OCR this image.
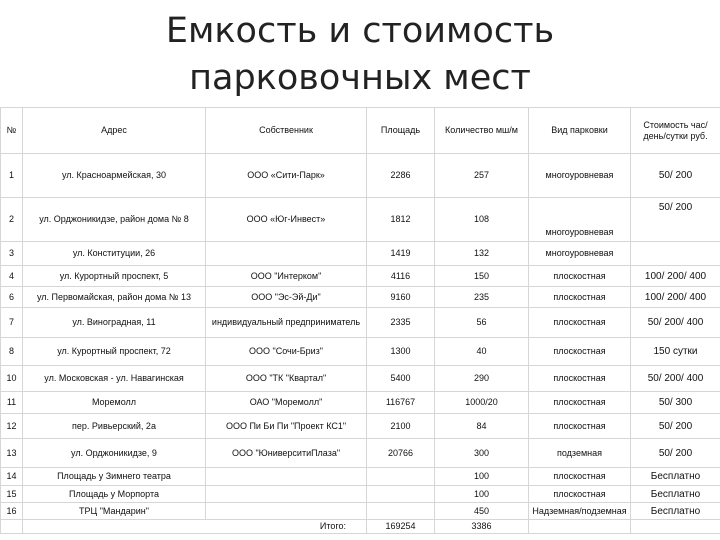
Емкость и стоимость
парковочных мест
№	Адрес	Собственник	Площадь	Количество мш/м	Вид парковки	Стоимость час/день/сутки руб.
1	ул. Красноармейская, 30	ООО «Сити-Парк»	2286	257	многоуровневая	50/ 200
2	ул. Орджоникидзе, район дома № 8	ООО «Юг-Инвест»	1812	108	многоуровневая	50/ 200
3	ул. Конституции, 26		1419	132	многоуровневая	
4	ул. Курортный проспект, 5	ООО "Интерком"	4116	150	плоскостная	100/ 200/ 400
6	ул. Первомайская, район дома № 13	ООО "Эс-Эй-Ди"	9160	235	плоскостная	100/ 200/ 400
7	ул. Виноградная, 11	индивидуальный предприниматель	2335	56	плоскостная	50/ 200/ 400
8	ул. Курортный проспект, 72	ООО "Сочи-Бриз"	1300	40	плоскостная	150 сутки
10	ул. Московская - ул. Навагинская	ООО "ТК "Квартал"	5400	290	плоскостная	50/ 200/ 400
11	Моремолл	ОАО "Моремолл"	116767	1000/20	плоскостная	50/ 300
12	пер. Ривьерский, 2а	ООО Пи Би Пи "Проект КС1"	2100	84	плоскостная	50/ 200
13	ул. Орджоникидзе, 9	ООО "ЮниверситиПлаза"	20766	300	подземная	50/ 200
14	Площадь у Зимнего театра			100	плоскостная	Бесплатно
15	Площадь у Морпорта			100	плоскостная	Бесплатно
16	ТРЦ "Мандарин"			450	Надземная/подземная	Бесплатно
	Итого:		169254	3386		
